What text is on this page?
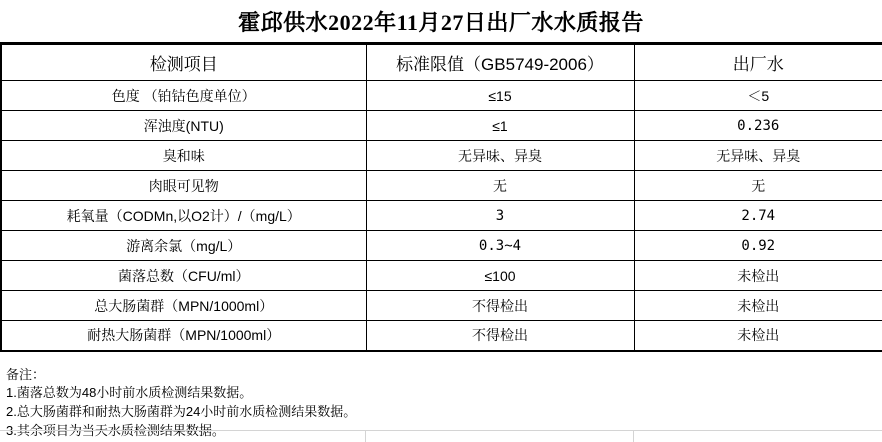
霍邱供水2022年11月27日出厂水水质报告
检测项目	标准限值（GB5749-2006）	出厂水
色度 （铂钴色度单位）	≤15	＜5
浑浊度(NTU)	≤1	0.236
臭和味	无异味、异臭	无异味、异臭
肉眼可见物	无	无
耗氧量（CODMn,以O2计）/（mg/L）	3	2.74
游离余氯（mg/L）	0.3~4	0.92
菌落总数（CFU/ml）	≤100	未检出
总大肠菌群（MPN/1000ml）	不得检出	未检出
耐热大肠菌群（MPN/1000ml）	不得检出	未检出
备注：
1.菌落总数为48小时前水质检测结果数据。
2.总大肠菌群和耐热大肠菌群为24小时前水质检测结果数据。
3.其余项目为当天水质检测结果数据。
